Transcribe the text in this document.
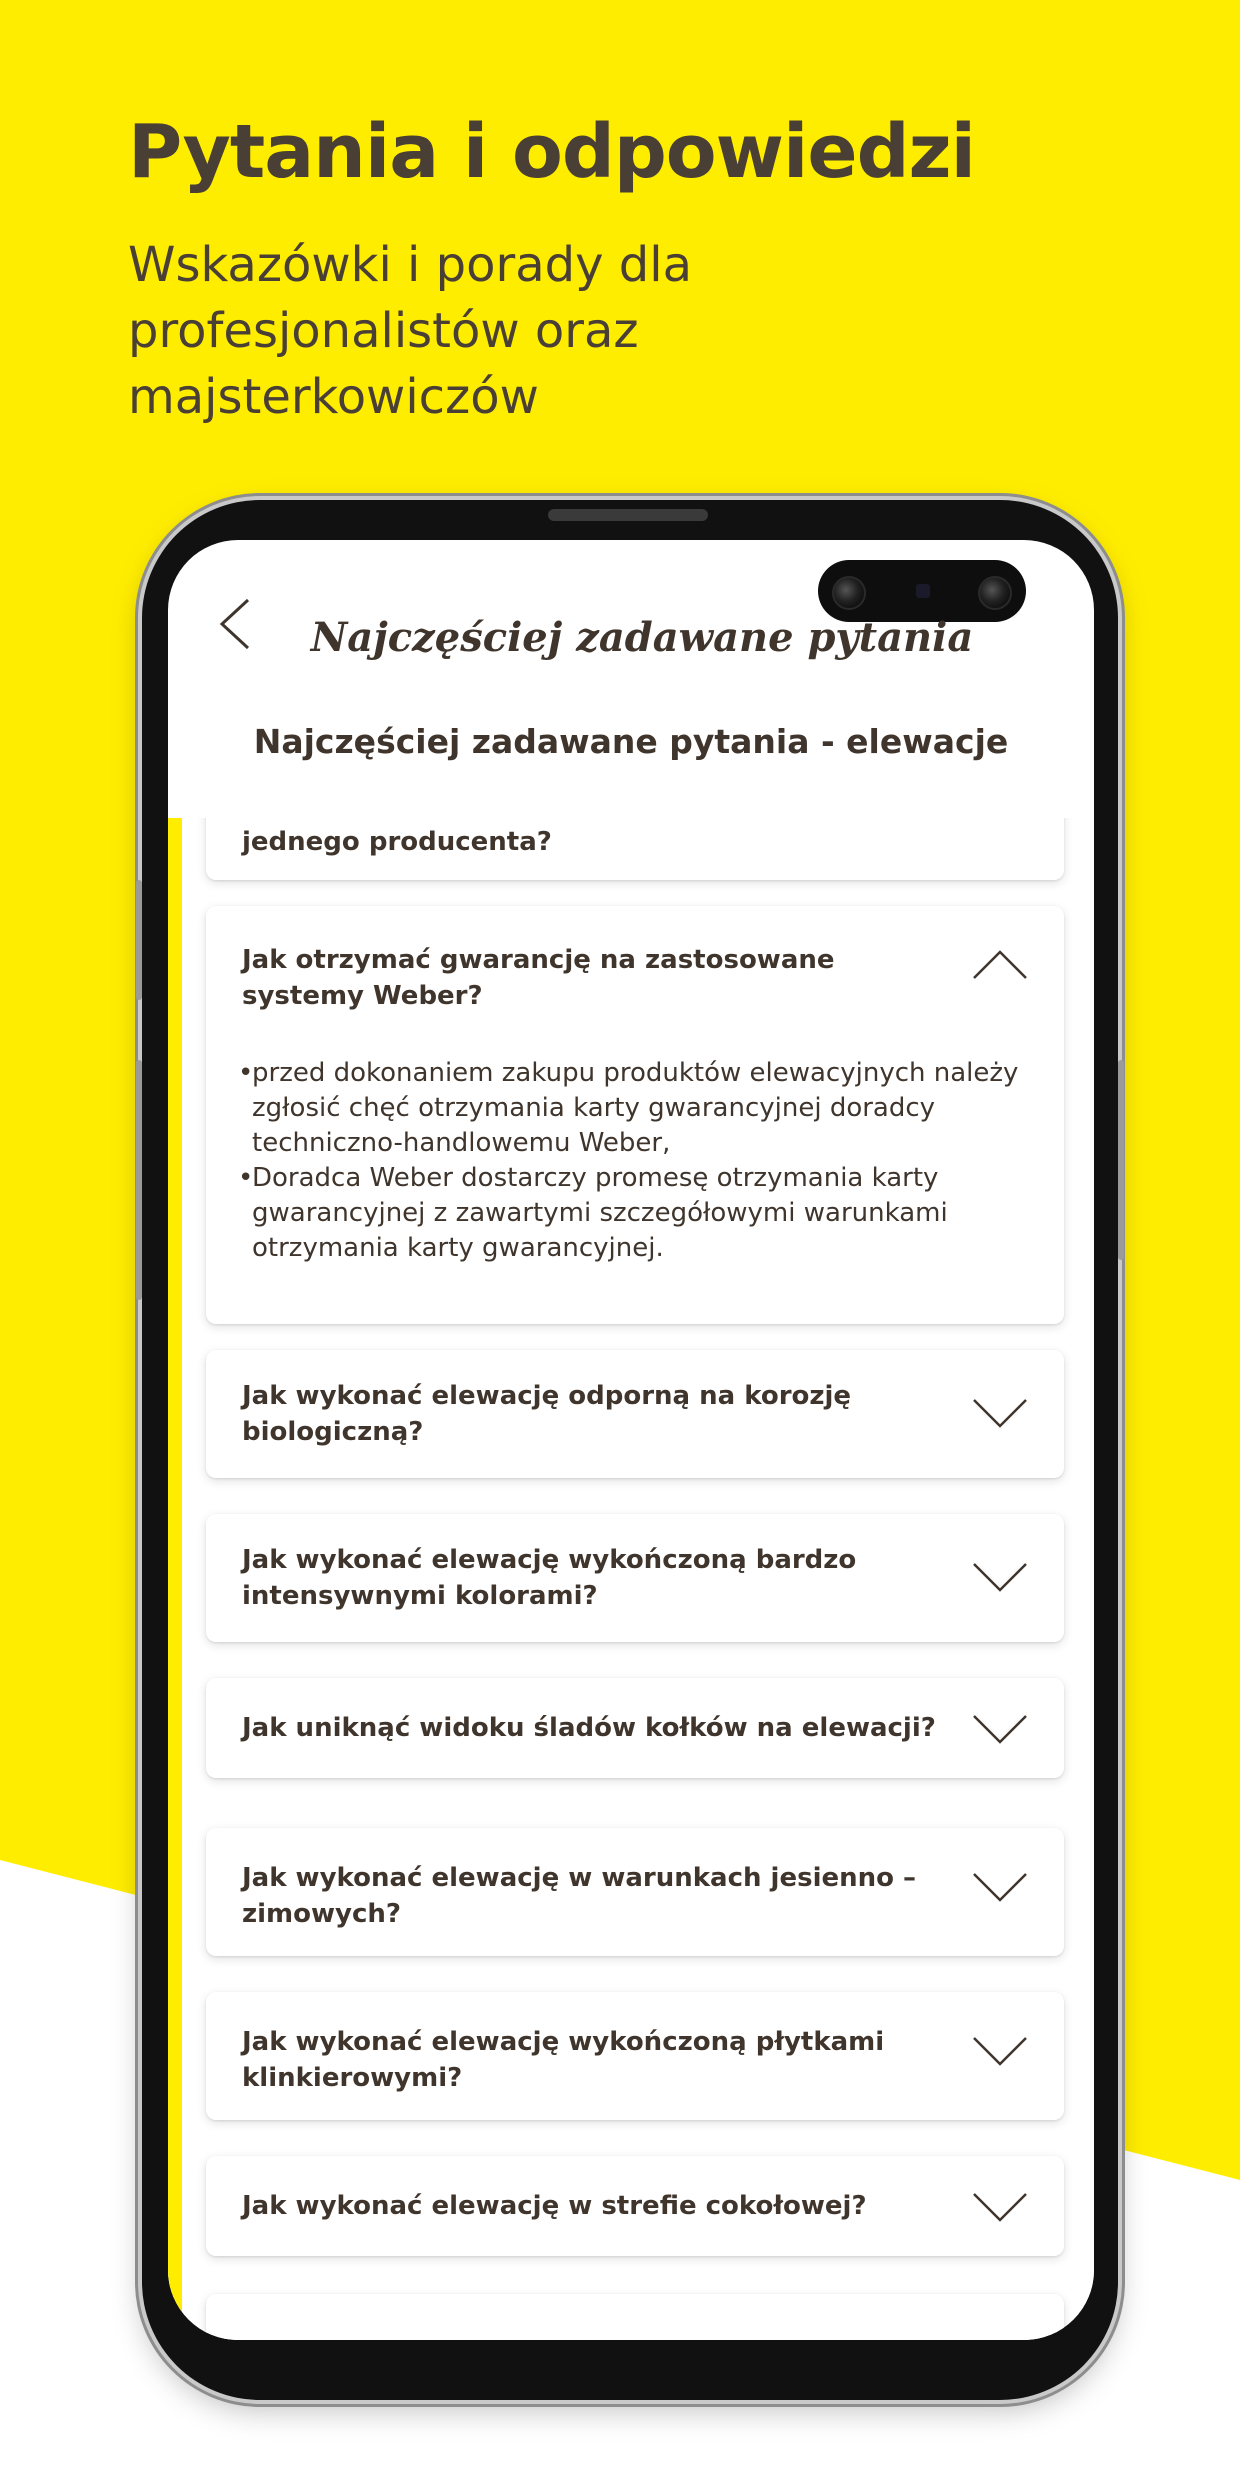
Pytania i odpowiedzi

Wskazówki i porady dla profesjonalistów oraz majsterkowiczów

Najczęściej zadawane pytania
Najczęściej zadawane pytania - elewacje

jednego producenta?

Jak otrzymać gwarancję na zastosowane systemy Weber?

• przed dokonaniem zakupu produktów elewacyjnych należy zgłosić chęć otrzymania karty gwarancyjnej doradcy techniczno-handlowemu Weber,
• Doradca Weber dostarczy promesę otrzymania karty gwarancyjnej z zawartymi szczegółowymi warunkami otrzymania karty gwarancyjnej.

Jak wykonać elewację odporną na korozję biologiczną?

Jak wykonać elewację wykończoną bardzo intensywnymi kolorami?

Jak uniknąć widoku śladów kołków na elewacji?

Jak wykonać elewację w warunkach jesienno – zimowych?

Jak wykonać elewację wykończoną płytkami klinkierowymi?

Jak wykonać elewację w strefie cokołowej?
